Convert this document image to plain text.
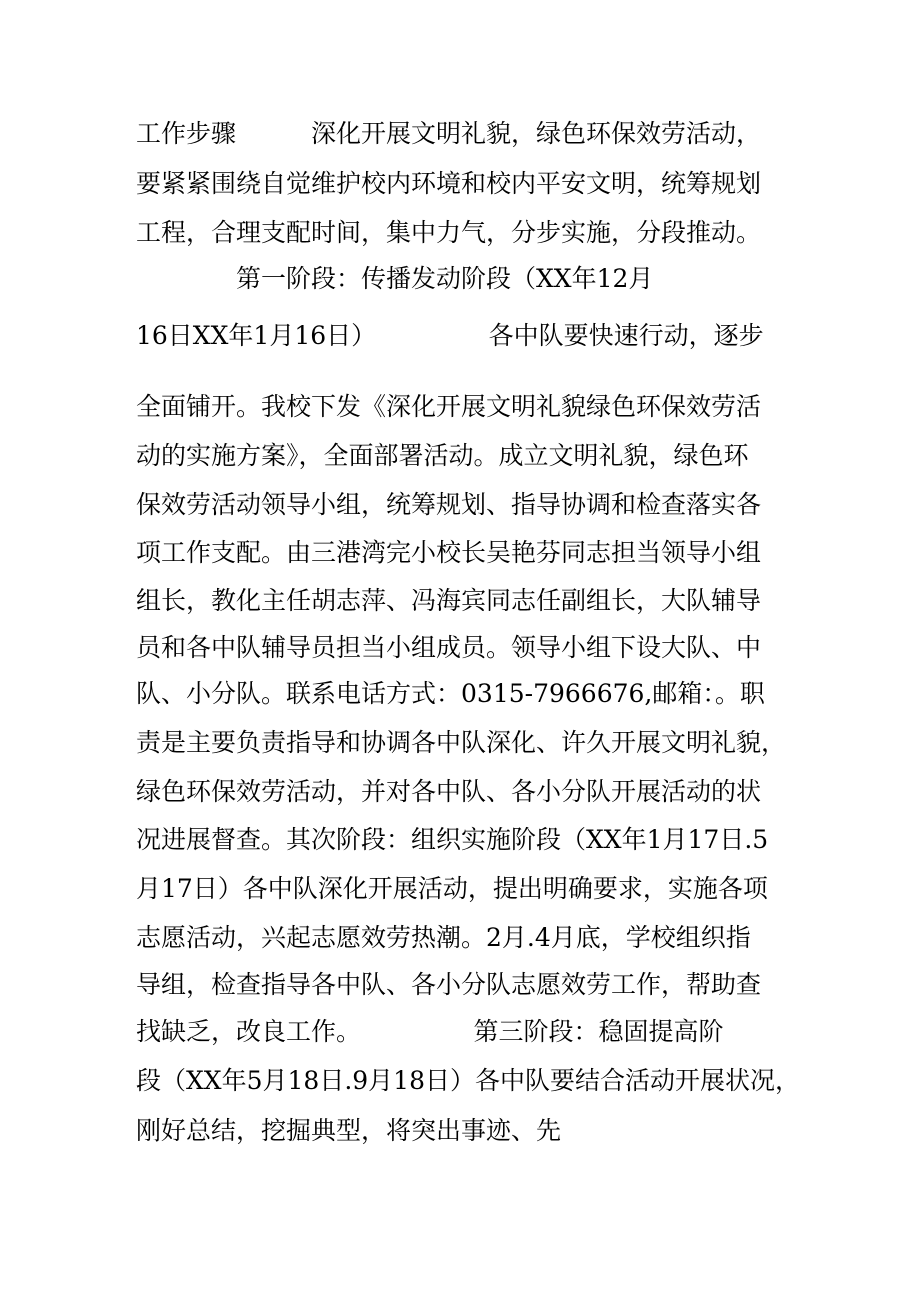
工作步骤　　　深化开展文明礼貌，绿色环保效劳活动，
要紧紧围绕自觉维护校内环境和校内平安文明，统筹规划
工程，合理支配时间，集中力气，分步实施，分段推动。
　　　　第一阶段：传播发动阶段（XX年12月
16日XX年1月16日）　　　　　各中队要快速行动，逐步
全面铺开。我校下发《深化开展文明礼貌绿色环保效劳活
动的实施方案》，全面部署活动。成立文明礼貌，绿色环
保效劳活动领导小组，统筹规划、指导协调和检查落实各
项工作支配。由三港湾完小校长吴艳芬同志担当领导小组
组长，教化主任胡志萍、冯海宾同志任副组长，大队辅导
员和各中队辅导员担当小组成员。领导小组下设大队、中
队、小分队。联系电话方式：0315-7966676,邮箱：。职
责是主要负责指导和协调各中队深化、许久开展文明礼貌，
绿色环保效劳活动，并对各中队、各小分队开展活动的状
况进展督查。其次阶段：组织实施阶段（XX年1月17日.5
月17日）各中队深化开展活动，提出明确要求，实施各项
志愿活动，兴起志愿效劳热潮。2月.4月底，学校组织指
导组，检查指导各中队、各小分队志愿效劳工作，帮助查
找缺乏，改良工作。　　　　　第三阶段：稳固提高阶
段（XX年5月18日.9月18日）各中队要结合活动开展状况，
刚好总结，挖掘典型，将突出事迹、先
